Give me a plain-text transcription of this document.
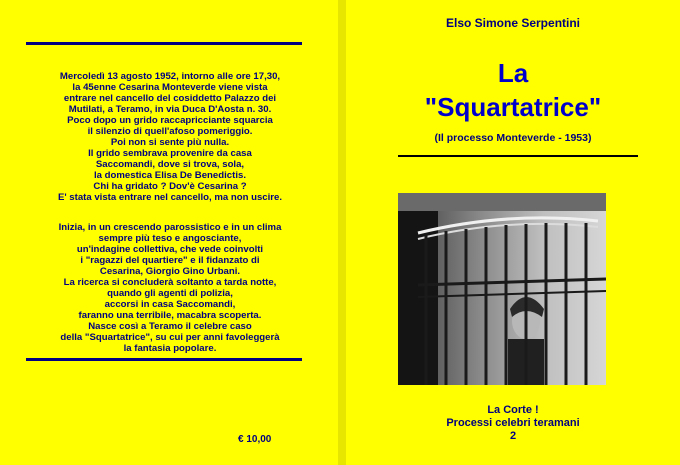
Mercoledì 13 agosto 1952, intorno alle ore 17,30,
la 45enne Cesarina Monteverde viene vista
entrare nel cancello del cosiddetto Palazzo dei
Mutilati, a Teramo, in via Duca D'Aosta n. 30.
Poco dopo un grido raccapricciante squarcia
il silenzio di quell'afoso pomeriggio.
Poi non si sente più nulla.
Il grido sembrava provenire da casa
Saccomandi, dove si trova, sola,
la domestica Elisa De Benedictis.
Chi ha gridato ? Dov'è Cesarina ?
E' stata vista entrare nel cancello, ma non uscire.

Inizia, in un crescendo parossistico e in un clima
sempre più teso e angosciante,
un'indagine collettiva, che vede coinvolti
i "ragazzi del quartiere" e il fidanzato di
Cesarina, Giorgio Gino Urbani.
La ricerca si concluderà soltanto a tarda notte,
quando gli agenti di polizia,
accorsi in casa Saccomandi,
faranno una terribile, macabra scoperta.
Nasce così a Teramo il celebre caso
della "Squartatrice", su cui per anni favoleggerà
la fantasia popolare.

€ 10,00
Elso Simone Serpentini
La
"Squartatrice"
(Il processo Monteverde - 1953)
La Corte !
Processi celebri teramani
2
